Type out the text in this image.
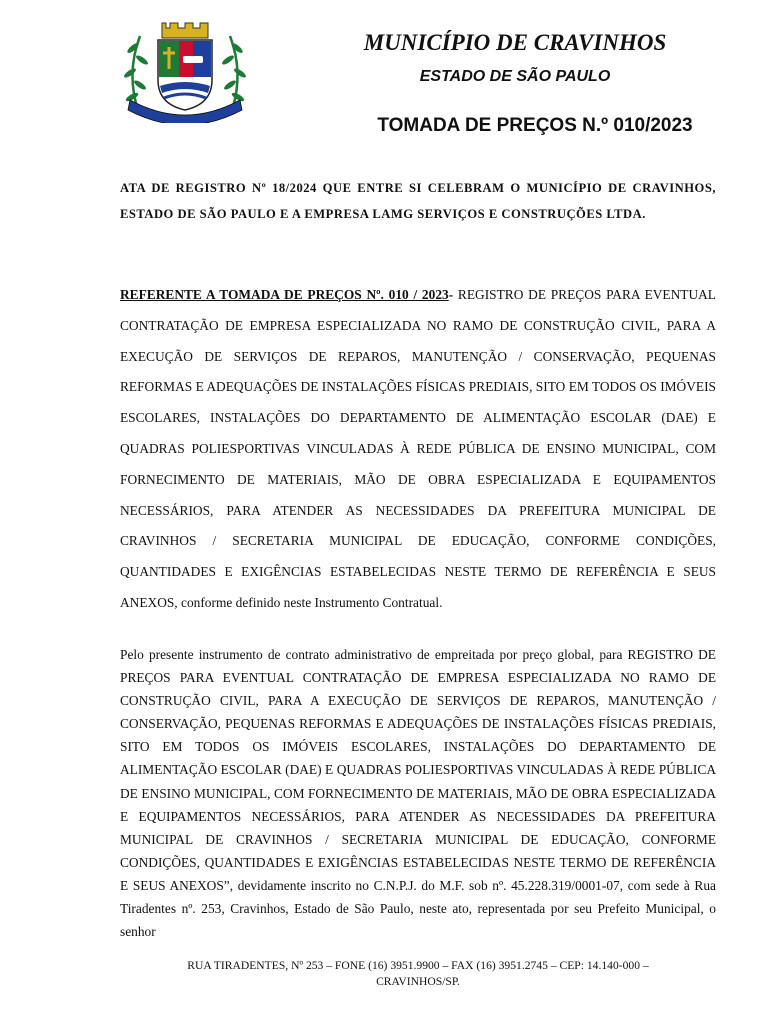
MUNICÍPIO DE CRAVINHOS
ESTADO DE SÃO PAULO
TOMADA DE PREÇOS N.º 010/2023
ATA DE REGISTRO Nº 18/2024 QUE ENTRE SI CELEBRAM O MUNICÍPIO DE CRAVINHOS, ESTADO DE SÃO PAULO E A EMPRESA LAMG SERVIÇOS E CONSTRUÇÕES LTDA.
REFERENTE A TOMADA DE PREÇOS Nº. 010 / 2023- REGISTRO DE PREÇOS PARA EVENTUAL CONTRATAÇÃO DE EMPRESA ESPECIALIZADA NO RAMO DE CONSTRUÇÃO CIVIL, PARA A EXECUÇÃO DE SERVIÇOS DE REPAROS, MANUTENÇÃO / CONSERVAÇÃO, PEQUENAS REFORMAS E ADEQUAÇÕES DE INSTALAÇÕES FÍSICAS PREDIAIS, SITO EM TODOS OS IMÓVEIS ESCOLARES, INSTALAÇÕES DO DEPARTAMENTO DE ALIMENTAÇÃO ESCOLAR (DAE) E QUADRAS POLIESPORTIVAS VINCULADAS À REDE PÚBLICA DE ENSINO MUNICIPAL, COM FORNECIMENTO DE MATERIAIS, MÃO DE OBRA ESPECIALIZADA E EQUIPAMENTOS NECESSÁRIOS, PARA ATENDER AS NECESSIDADES DA PREFEITURA MUNICIPAL DE CRAVINHOS / SECRETARIA MUNICIPAL DE EDUCAÇÃO, CONFORME CONDIÇÕES, QUANTIDADES E EXIGÊNCIAS ESTABELECIDAS NESTE TERMO DE REFERÊNCIA E SEUS ANEXOS, conforme definido neste Instrumento Contratual.
Pelo presente instrumento de contrato administrativo de empreitada por preço global, para REGISTRO DE PREÇOS PARA EVENTUAL CONTRATAÇÃO DE EMPRESA ESPECIALIZADA NO RAMO DE CONSTRUÇÃO CIVIL, PARA A EXECUÇÃO DE SERVIÇOS DE REPAROS, MANUTENÇÃO / CONSERVAÇÃO, PEQUENAS REFORMAS E ADEQUAÇÕES DE INSTALAÇÕES FÍSICAS PREDIAIS, SITO EM TODOS OS IMÓVEIS ESCOLARES, INSTALAÇÕES DO DEPARTAMENTO DE ALIMENTAÇÃO ESCOLAR (DAE) E QUADRAS POLIESPORTIVAS VINCULADAS À REDE PÚBLICA DE ENSINO MUNICIPAL, COM FORNECIMENTO DE MATERIAIS, MÃO DE OBRA ESPECIALIZADA E EQUIPAMENTOS NECESSÁRIOS, PARA ATENDER AS NECESSIDADES DA PREFEITURA MUNICIPAL DE CRAVINHOS / SECRETARIA MUNICIPAL DE EDUCAÇÃO, CONFORME CONDIÇÕES, QUANTIDADES E EXIGÊNCIAS ESTABELECIDAS NESTE TERMO DE REFERÊNCIA E SEUS ANEXOS”, devidamente inscrito no C.N.P.J. do M.F. sob nº. 45.228.319/0001-07, com sede à Rua Tiradentes nº. 253, Cravinhos, Estado de São Paulo, neste ato, representada por seu Prefeito Municipal, o senhor
RUA TIRADENTES, Nº 253 – FONE (16) 3951.9900 – FAX (16) 3951.2745 – CEP: 14.140-000 –
CRAVINHOS/SP.
